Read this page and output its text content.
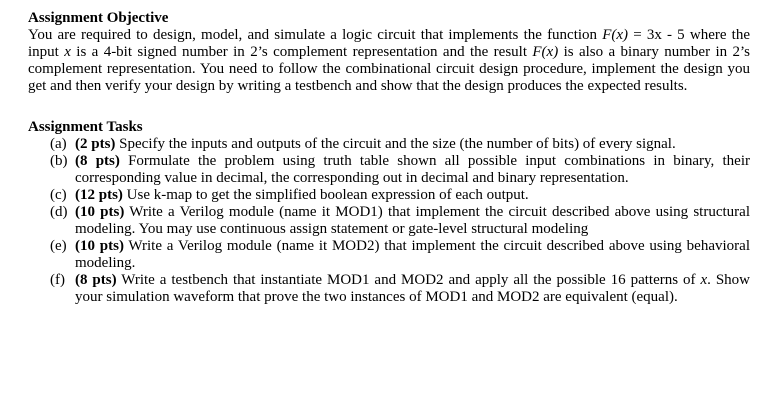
Assignment Objective

You are required to design, model, and simulate a logic circuit that implements the function F(x) = 3x - 5 where the input x is a 4-bit signed number in 2’s complement representation and the result F(x) is also a binary number in 2’s complement representation. You need to follow the combinational circuit design procedure, implement the design you get and then verify your design by writing a testbench and show that the design produces the expected results.

Assignment Tasks

(a) (2 pts) Specify the inputs and outputs of the circuit and the size (the number of bits) of every signal.
(b) (8 pts) Formulate the problem using truth table shown all possible input combinations in binary, their corresponding value in decimal, the corresponding out in decimal and binary representation.
(c) (12 pts) Use k-map to get the simplified boolean expression of each output.
(d) (10 pts) Write a Verilog module (name it MOD1) that implement the circuit described above using structural modeling. You may use continuous assign statement or gate-level structural modeling
(e) (10 pts) Write a Verilog module (name it MOD2) that implement the circuit described above using behavioral modeling.
(f) (8 pts) Write a testbench that instantiate MOD1 and MOD2 and apply all the possible 16 patterns of x. Show your simulation waveform that prove the two instances of MOD1 and MOD2 are equivalent (equal).
